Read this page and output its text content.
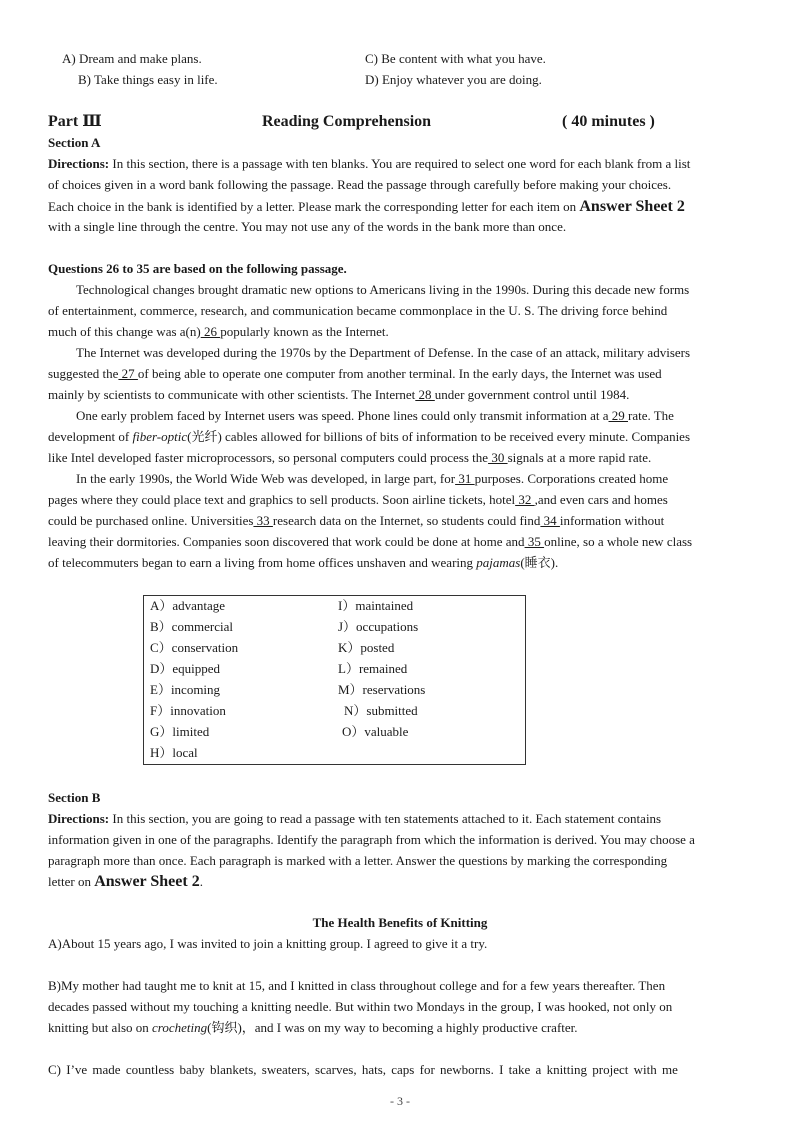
A) Dream and make plans.	C) Be content with what you have.
B) Take things easy in life.	D) Enjoy whatever you are doing.
Part Ⅲ	Reading Comprehension	( 40 minutes )
Section A
Directions: In this section, there is a passage with ten blanks. You are required to select one word for each blank from a list
of choices given in a word bank following the passage. Read the passage through carefully before making your choices.
Each choice in the bank is identified by a letter. Please mark the corresponding letter for each item on Answer Sheet 2
with a single line through the centre. You may not use any of the words in the bank more than once.
Questions 26 to 35 are based on the following passage.
Technological changes brought dramatic new options to Americans living in the 1990s. During this decade new forms
of entertainment, commerce, research, and communication became commonplace in the U. S. The driving force behind
much of this change was a(n) 26 popularly known as the Internet.
The Internet was developed during the 1970s by the Department of Defense. In the case of an attack, military advisers
suggested the 27 of being able to operate one computer from another terminal. In the early days, the Internet was used
mainly by scientists to communicate with other scientists. The Internet 28 under government control until 1984.
One early problem faced by Internet users was speed. Phone lines could only transmit information at a 29 rate. The
development of fiber-optic(光纤) cables allowed for billions of bits of information to be received every minute. Companies
like Intel developed faster microprocessors, so personal computers could process the 30 signals at a more rapid rate.
In the early 1990s, the World Wide Web was developed, in large part, for 31 purposes. Corporations created home
pages where they could place text and graphics to sell products. Soon airline tickets, hotel 32 ,and even cars and homes
could be purchased online. Universities 33 research data on the Internet, so students could find 34 information without
leaving their dormitories. Companies soon discovered that work could be done at home and 35 online, so a whole new class
of telecommuters began to earn a living from home offices unshaven and wearing pajamas(睡衣).
A）advantage
B）commercial
C）conservation
D）equipped
E）incoming
F）innovation
G）limited
H）local
I）maintained
J）occupations
K）posted
L）remained
M）reservations
N）submitted
O）valuable
Section B
Directions: In this section, you are going to read a passage with ten statements attached to it. Each statement contains
information given in one of the paragraphs. Identify the paragraph from which the information is derived. You may choose a
paragraph more than once. Each paragraph is marked with a letter. Answer the questions by marking the corresponding
letter on Answer Sheet 2.
The Health Benefits of Knitting
A)About 15 years ago, I was invited to join a knitting group. I agreed to give it a try.
B)My mother had taught me to knit at 15, and I knitted in class throughout college and for a few years thereafter. Then
decades passed without my touching a knitting needle. But within two Mondays in the group, I was hooked, not only on
knitting but also on crocheting(钩织)，and I was on my way to becoming a highly productive crafter.
C) I’ve made countless baby blankets, sweaters, scarves, hats, caps for newborns. I take a knitting project with me
- 3 -
